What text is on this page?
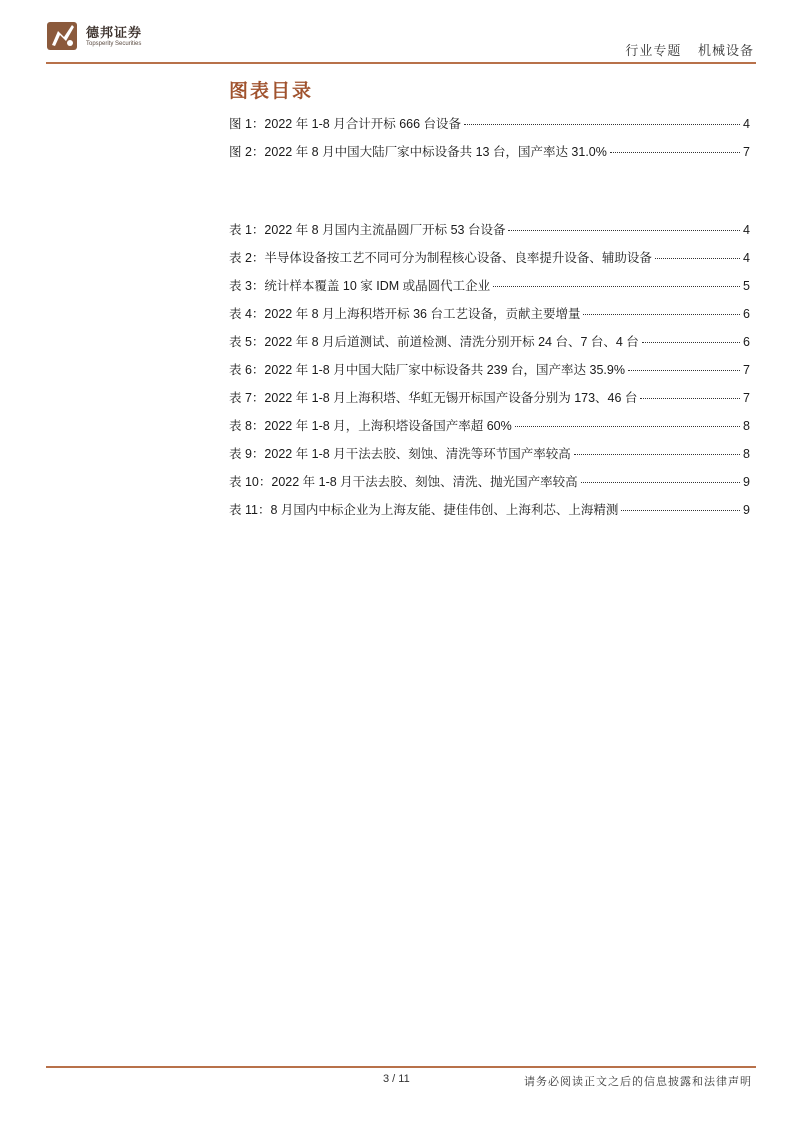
德邦证券
Topsperity Securities	行业专题 机械设备
图表目录
图 1：2022 年 1-8 月合计开标 666 台设备	4
图 2：2022 年 8 月中国大陆厂家中标设备共 13 台，国产率达 31.0%	7
表 1：2022 年 8 月国内主流晶圆厂开标 53 台设备	4
表 2：半导体设备按工艺不同可分为制程核心设备、良率提升设备、辅助设备	4
表 3：统计样本覆盖 10 家 IDM 或晶圆代工企业	5
表 4：2022 年 8 月上海积塔开标 36 台工艺设备，贡献主要增量	6
表 5：2022 年 8 月后道测试、前道检测、清洗分别开标 24 台、7 台、4 台	6
表 6：2022 年 1-8 月中国大陆厂家中标设备共 239 台，国产率达 35.9%	7
表 7：2022 年 1-8 月上海积塔、华虹无锡开标国产设备分别为 173、46 台	7
表 8：2022 年 1-8 月，上海积塔设备国产率超 60%	8
表 9：2022 年 1-8 月干法去胶、刻蚀、清洗等环节国产率较高	8
表 10：2022 年 1-8 月干法去胶、刻蚀、清洗、抛光国产率较高	9
表 11：8 月国内中标企业为上海友能、捷佳伟创、上海利芯、上海精测	9
3 / 11	请务必阅读正文之后的信息披露和法律声明
